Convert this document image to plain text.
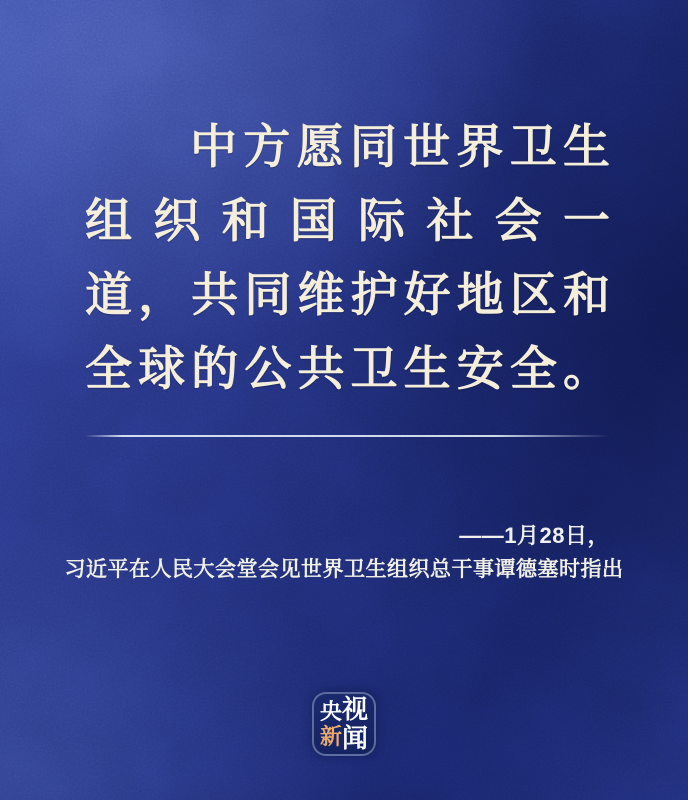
中方愿同世界卫生
组织和国际社会一
道，共同维护好地区和
全球的公共卫生安全。
——1月28日，
习近平在人民大会堂会见世界卫生组织总干事谭德塞时指出
央 视
新 闻
